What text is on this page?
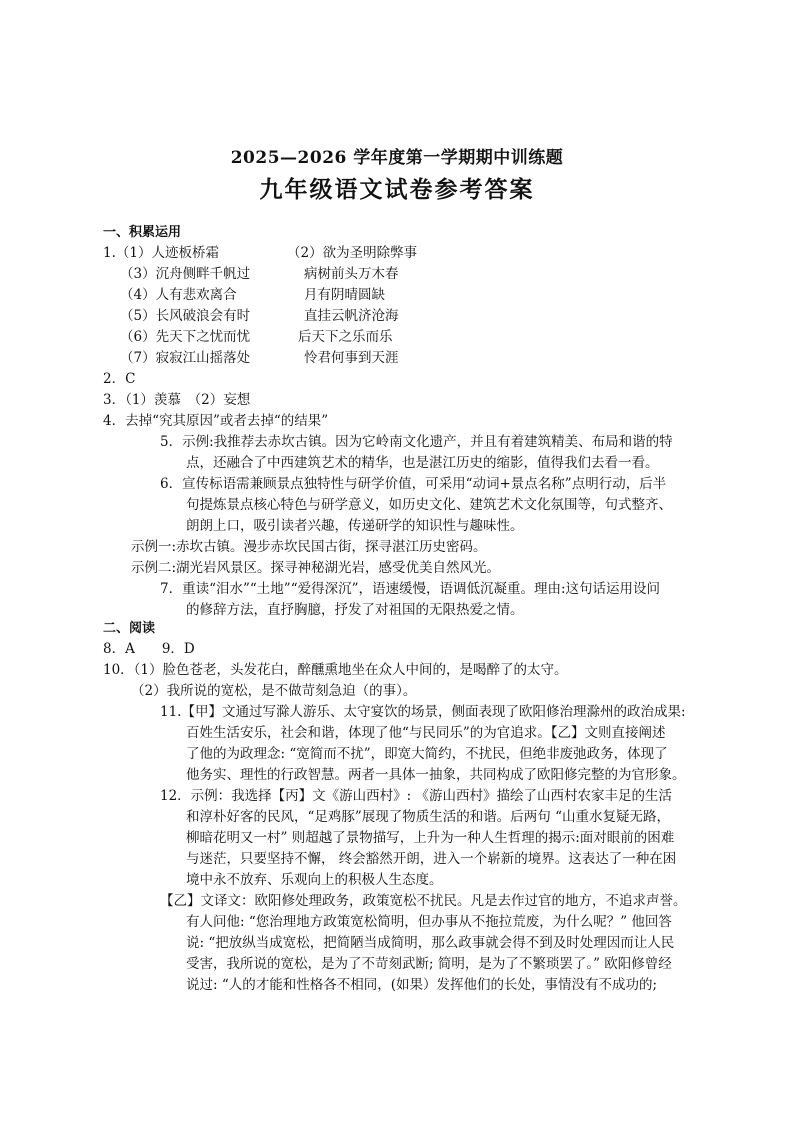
2025—2026 学年度第一学期期中训练题
九年级语文试卷参考答案
一、积累运用
1.（1）人迹板桥霜	（2）欲为圣明除弊事
（3）沉舟侧畔千帆过	病树前头万木春
（4）人有悲欢离合	月有阴晴圆缺
（5）长风破浪会有时	直挂云帆济沧海
（6）先天下之忧而忧	后天下之乐而乐
（7）寂寂江山摇落处	怜君何事到天涯
2．C
3．（1）羡慕　（2）妄想
4．去掉“究其原因”或者去掉“的结果”
5．示例:我推荐去赤坎古镇。因为它岭南文化遗产，并且有着建筑精美、布局和谐的特
点，还融合了中西建筑艺术的精华，也是湛江历史的缩影，值得我们去看一看。
6．宣传标语需兼顾景点独特性与研学价值，可采用“动词+景点名称”点明行动，后半
句提炼景点核心特色与研学意义，如历史文化、建筑艺术文化氛围等，句式整齐、
朗朗上口，吸引读者兴趣，传递研学的知识性与趣味性。
示例一:赤坎古镇。漫步赤坎民国古街，探寻湛江历史密码。
示例二:湖光岩风景区。探寻神秘湖光岩，感受优美自然风光。
7．重读“泪水”“土地”“爱得深沉”，语速缓慢，语调低沉凝重。理由:这句话运用设问
的修辞方法，直抒胸臆，抒发了对祖国的无限热爱之情。
二、阅读
8．A　　9．D
10．（1）脸色苍老，头发花白，醉醺熏地坐在众人中间的，是喝醉了的太守。
（2）我所说的宽松，是不做苛刻急迫（的事）。
11.【甲】文通过写滁人游乐、太守宴饮的场景，侧面表现了欧阳修治理滁州的政治成果:
百姓生活安乐，社会和谐，体现了他“与民同乐”的为官追求。【乙】文则直接阐述
了他的为政理念: “宽简而不扰”，即宽大简约，不扰民，但绝非废弛政务，体现了
他务实、理性的行政智慧。两者一具体一抽象，共同构成了欧阳修完整的为官形象。
12．示例：我选择【丙】文《游山西村》: 《游山西村》描绘了山西村农家丰足的生活
和淳朴好客的民风，“足鸡豚”展现了物质生活的和谐。后两句 “山重水复疑无路，
柳暗花明又一村” 则超越了景物描写，上升为一种人生哲理的揭示:面对眼前的困难
与迷茫，只要坚持不懈， 终会豁然开朗，进入一个崭新的境界。这表达了一种在困
境中永不放弃、乐观向上的积极人生态度。
【乙】文译文：欧阳修处理政务，政策宽松不扰民。凡是去作过官的地方，不追求声誉。
有人问他: “您治理地方政策宽松简明，但办事从不拖拉荒废，为什么呢？” 他回答
说: “把放纵当成宽松，把简陋当成简明，那么政事就会得不到及时处理因而让人民
受害，我所说的宽松，是为了不苛刻武断; 简明，是为了不繁琐罢了。” 欧阳修曾经
说过: “人的才能和性格各不相同，(如果）发挥他们的长处，事情没有不成功的;
